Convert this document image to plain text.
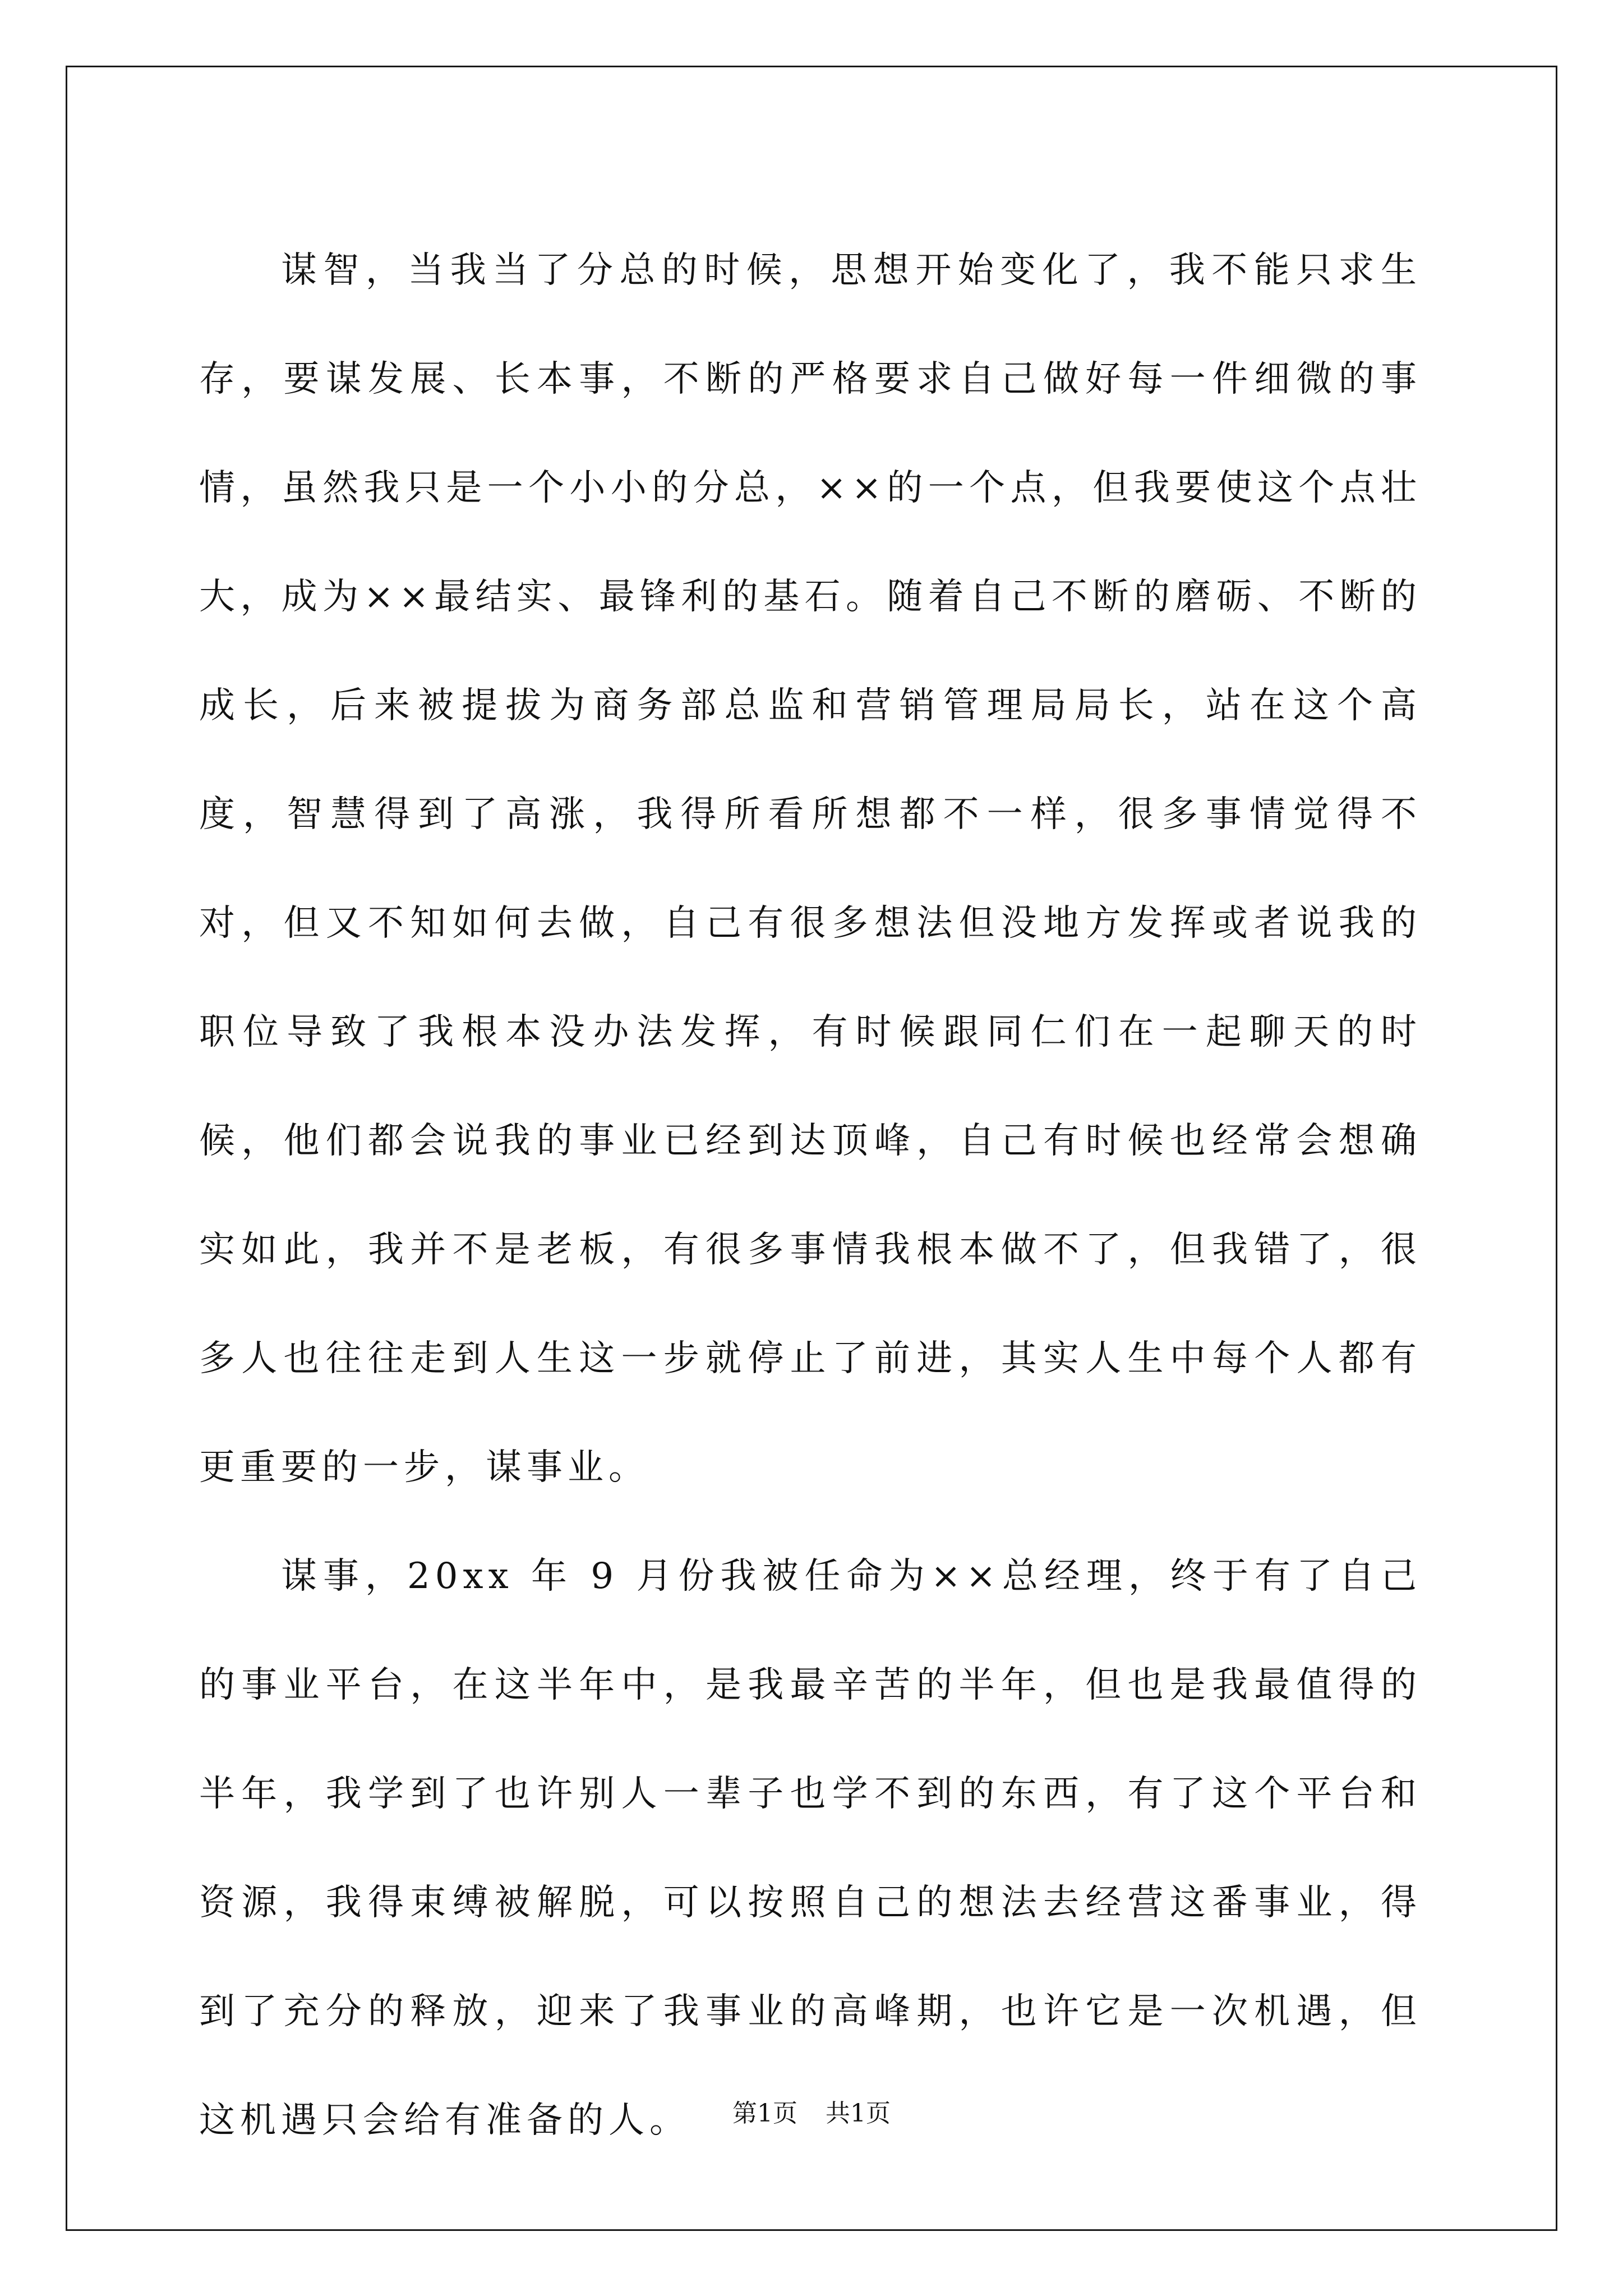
谋智，当我当了分总的时候，思想开始变化了，我不能只求生存，要谋发展、长本事，不断的严格要求自己做好每一件细微的事情，虽然我只是一个小小的分总，××的一个点，但我要使这个点壮大，成为××最结实、最锋利的基石。随着自己不断的磨砺、不断的成长，后来被提拔为商务部总监和营销管理局局长，站在这个高度，智慧得到了高涨，我得所看所想都不一样，很多事情觉得不对，但又不知如何去做，自己有很多想法但没地方发挥或者说我的职位导致了我根本没办法发挥，有时候跟同仁们在一起聊天的时候，他们都会说我的事业已经到达顶峰，自己有时候也经常会想确实如此，我并不是老板，有很多事情我根本做不了，但我错了，很多人也往往走到人生这一步就停止了前进，其实人生中每个人都有更重要的一步，谋事业。

谋事，20xx 年 9 月份我被任命为××总经理，终于有了自己的事业平台，在这半年中，是我最辛苦的半年，但也是我最值得的半年，我学到了也许别人一辈子也学不到的东西，有了这个平台和资源，我得束缚被解脱，可以按照自己的想法去经营这番事业，得到了充分的释放，迎来了我事业的高峰期，也许它是一次机遇，但这机遇只会给有准备的人。	第1页 共1页
